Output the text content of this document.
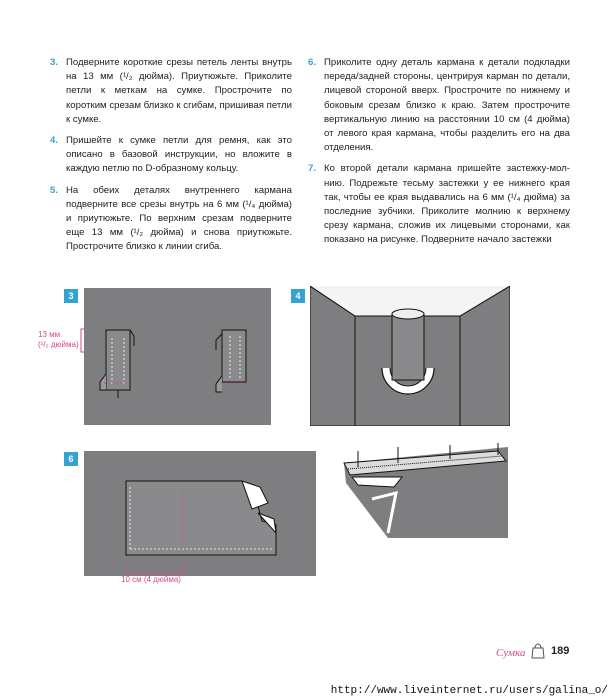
3. Подверните короткие срезы петель ленты внутрь на 13 мм (¹/₂ дюйма). Приутюжьте. Приколите петли к меткам на сумке. Прострочите по коротким срезам близко к сгибам, пришивая петли к сумке.
4. Пришейте к сумке петли для ремня, как это описано в базовой инструкции, но вложите в каждую петлю по D-образному кольцу.
5. На обеих деталях внутреннего кармана подверните все срезы внутрь на 6 мм (¹/₄ дюйма) и приутюжьте. По верхним срезам подверните еще 13 мм (¹/₂ дюйма) и снова приутюжьте. Прострочите близко к линии сгиба.
6. Приколите одну деталь кармана к детали подкладки переда/задней стороны, центрируя карман по детали, лицевой стороной вверх. Прострочите по нижнему и боковым срезам близко к краю. Затем прострочите вертикальную линию на расстоянии 10 см (4 дюйма) от левого края кармана, чтобы разделить его на два отделения.
7. Ко второй детали кармана пришейте застежку-молнию. Подрежьте тесьму застежки у ее нижнего края так, чтобы ее края выдавались на 6 мм (¹/₄ дюйма) за последние зубчики. Приколите молнию к верхнему срезу кармана, сложив их лицевыми сторонами, как показано на рисунке. Подверните начало застежки
3
13 мм
(¹/₂ дюйма)
4
6
10 см (4 дюйма)
Сумка 189
http://www.liveinternet.ru/users/galina_o/
